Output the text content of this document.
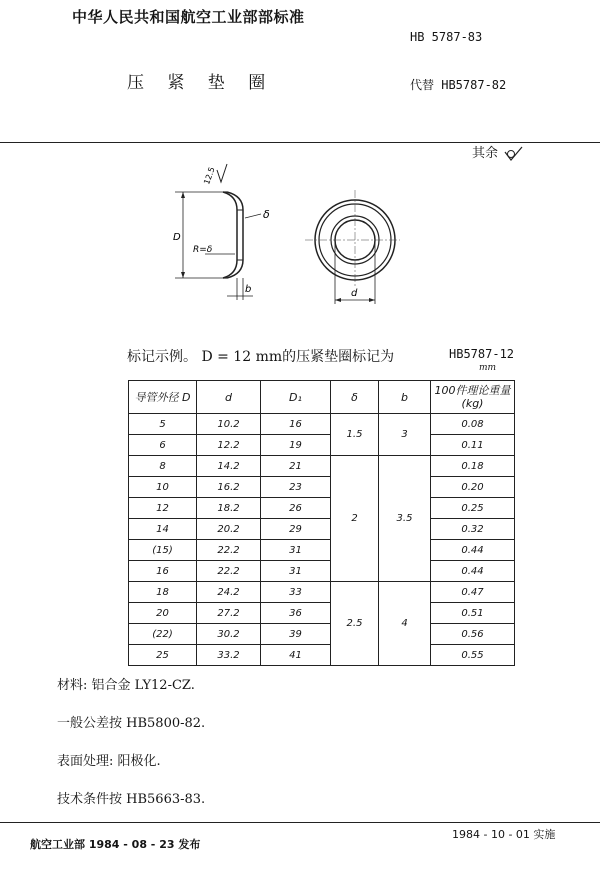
中华人民共和国航空工业部部标准
HB 5787-83
压 紧 垫 圈	代替 HB5787-82
其余
D
12.5
δ
R=δ
b	d
标记示例。 D = 12 mm的压紧垫圈标记为	HB5787-12
mm
导管外径 D	d	D₁	δ	b	100件理论重量 (kg)
5	10.2	16	1.5	3	0.08
6	12.2	19			0.11
8	14.2	21	2	3.5	0.18
10	16.2	23			0.20
12	18.2	26			0.25
14	20.2	29			0.32
(15)	22.2	31			0.44
16	22.2	31			0.44
18	24.2	33	2.5	4	0.47
20	27.2	36			0.51
(22)	30.2	39			0.56
25	33.2	41			0.55
材料: 铝合金 LY12-CZ.
一般公差按 HB5800-82.
表面处理: 阳极化.
技术条件按 HB5663-83.
航空工业部 1984 - 08 - 23 发布
1984 - 10 - 01 实施
